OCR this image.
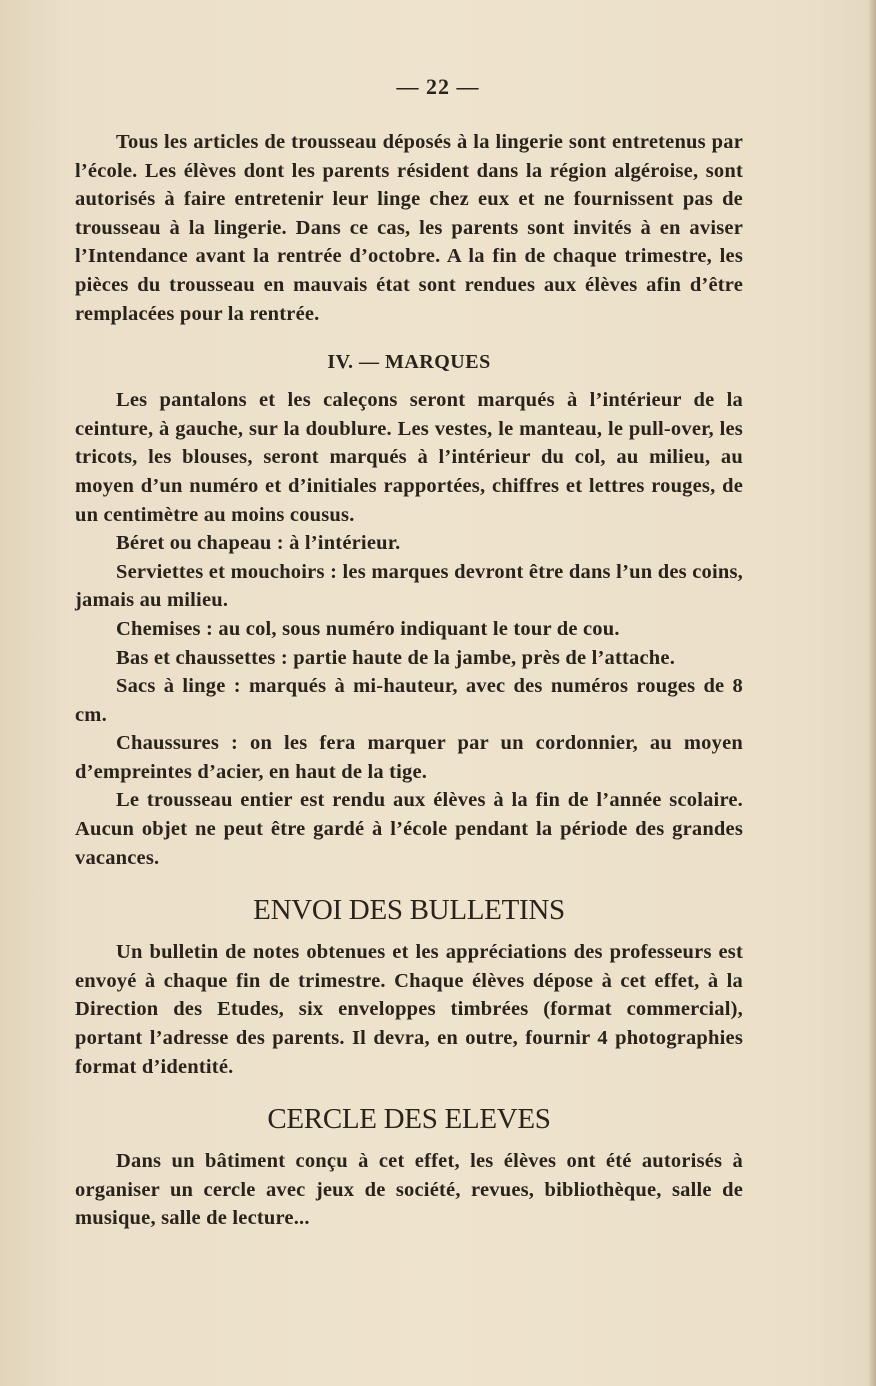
— 22 —

Tous les articles de trousseau déposés à la lingerie sont entretenus par l’école. Les élèves dont les parents résident dans la région algéroise, sont autorisés à faire entretenir leur linge chez eux et ne fournissent pas de trousseau à la lingerie. Dans ce cas, les parents sont invités à en aviser l’Intendance avant la rentrée d’octobre. A la fin de chaque trimestre, les pièces du trousseau en mauvais état sont rendues aux élèves afin d’être remplacées pour la rentrée.

IV. — MARQUES

Les pantalons et les caleçons seront marqués à l’intérieur de la ceinture, à gauche, sur la doublure. Les vestes, le manteau, le pull-over, les tricots, les blouses, seront marqués à l’intérieur du col, au milieu, au moyen d’un numéro et d’initiales rapportées, chiffres et lettres rouges, de un centimètre au moins cousus.

Béret ou chapeau : à l’intérieur.

Serviettes et mouchoirs : les marques devront être dans l’un des coins, jamais au milieu.

Chemises : au col, sous numéro indiquant le tour de cou.

Bas et chaussettes : partie haute de la jambe, près de l’attache.

Sacs à linge : marqués à mi-hauteur, avec des numéros rouges de 8 cm.

Chaussures : on les fera marquer par un cordonnier, au moyen d’empreintes d’acier, en haut de la tige.

Le trousseau entier est rendu aux élèves à la fin de l’année scolaire. Aucun objet ne peut être gardé à l’école pendant la période des grandes vacances.

ENVOI DES BULLETINS

Un bulletin de notes obtenues et les appréciations des professeurs est envoyé à chaque fin de trimestre. Chaque élèves dépose à cet effet, à la Direction des Etudes, six enveloppes timbrées (format commercial), portant l’adresse des parents. Il devra, en outre, fournir 4 photographies format d’identité.

CERCLE DES ELEVES

Dans un bâtiment conçu à cet effet, les élèves ont été autorisés à organiser un cercle avec jeux de société, revues, bibliothèque, salle de musique, salle de lecture...
